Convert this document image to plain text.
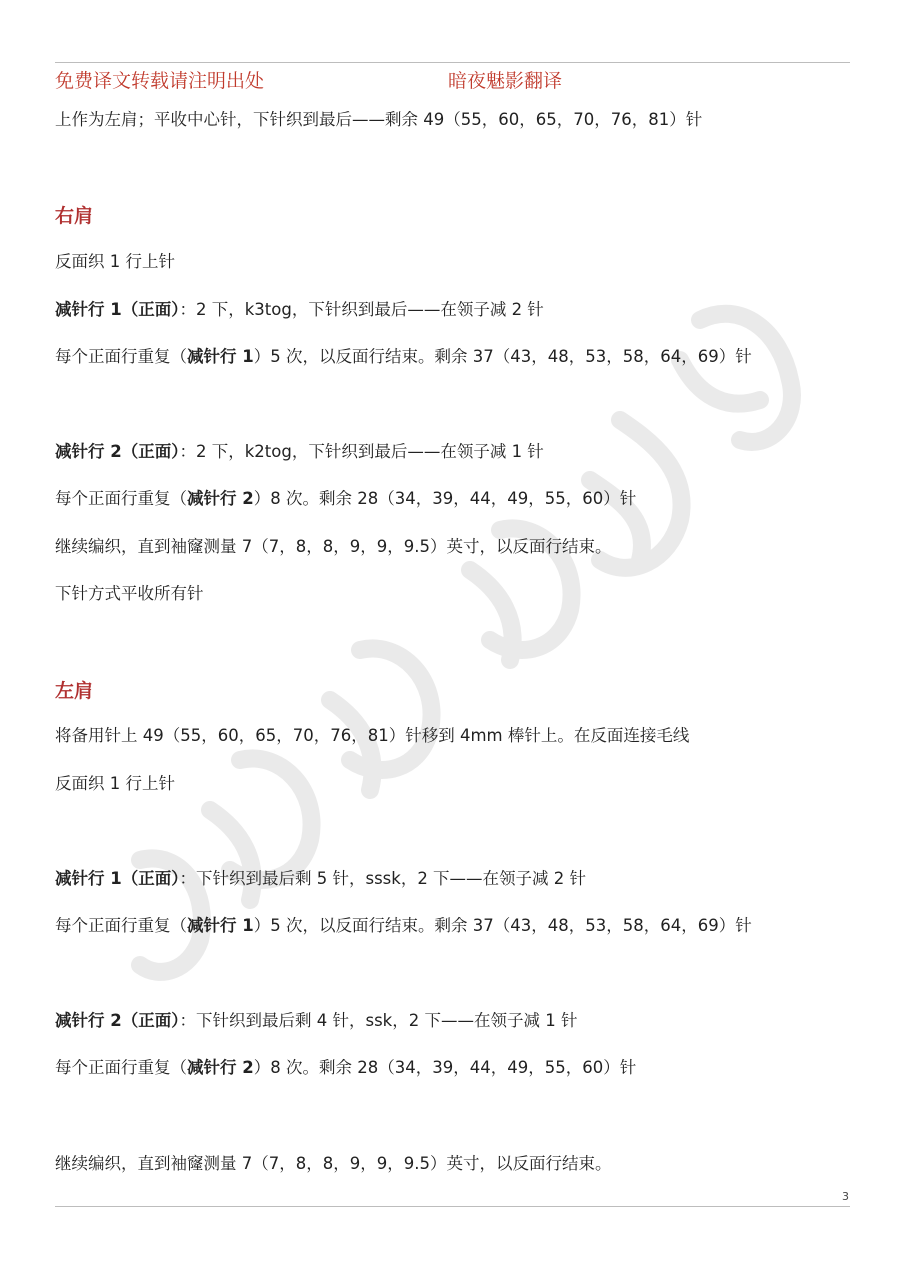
免费译文转载请注明出处	暗夜魅影翻译
上作为左肩；平收中心针，下针织到最后——剩余 49（55，60，65，70，76，81）针
右肩
反面织 1 行上针
减针行 1（正面）：2 下，k3tog，下针织到最后——在领子减 2 针
每个正面行重复（减针行 1）5 次，以反面行结束。剩余 37（43，48，53，58，64，69）针
减针行 2（正面）：2 下，k2tog，下针织到最后——在领子减 1 针
每个正面行重复（减针行 2）8 次。剩余 28（34，39，44，49，55，60）针
继续编织，直到袖窿测量 7（7，8，8，9，9，9.5）英寸，以反面行结束。
下针方式平收所有针
左肩
将备用针上 49（55，60，65，70，76，81）针移到 4mm 棒针上。在反面连接毛线
反面织 1 行上针
减针行 1（正面）：下针织到最后剩 5 针，sssk，2 下——在领子减 2 针
每个正面行重复（减针行 1）5 次，以反面行结束。剩余 37（43，48，53，58，64，69）针
减针行 2（正面）：下针织到最后剩 4 针，ssk，2 下——在领子减 1 针
每个正面行重复（减针行 2）8 次。剩余 28（34，39，44，49，55，60）针
继续编织，直到袖窿测量 7（7，8，8，9，9，9.5）英寸，以反面行结束。
3
